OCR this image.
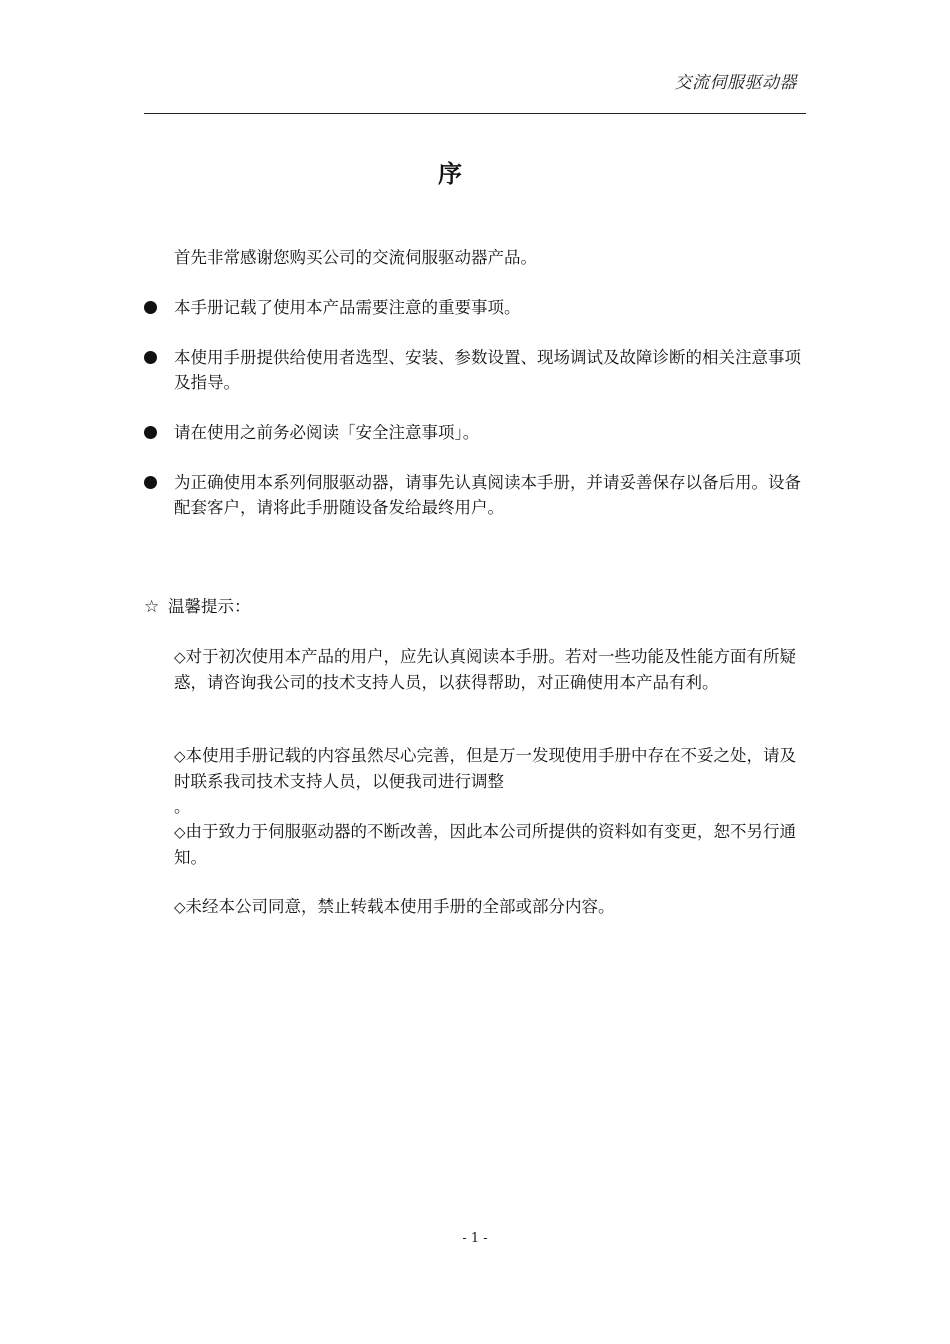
交流伺服驱动器
序
首先非常感谢您购买公司的交流伺服驱动器产品。
本手册记载了使用本产品需要注意的重要事项。
本使用手册提供给使用者选型、安装、参数设置、现场调试及故障诊断的相关注意事项及指导。
请在使用之前务必阅读「安全注意事项」。
为正确使用本系列伺服驱动器，请事先认真阅读本手册，并请妥善保存以备后用。设备配套客户，请将此手册随设备发给最终用户。
☆ 温馨提示：
◇对于初次使用本产品的用户，应先认真阅读本手册。若对一些功能及性能方面有所疑惑，请咨询我公司的技术支持人员，以获得帮助，对正确使用本产品有利。
◇本使用手册记载的内容虽然尽心完善，但是万一发现使用手册中存在不妥之处，请及时联系我司技术支持人员，以便我司进行调整
。
◇由于致力于伺服驱动器的不断改善，因此本公司所提供的资料如有变更，恕不另行通知。
◇未经本公司同意，禁止转载本使用手册的全部或部分内容。
- 1 -
